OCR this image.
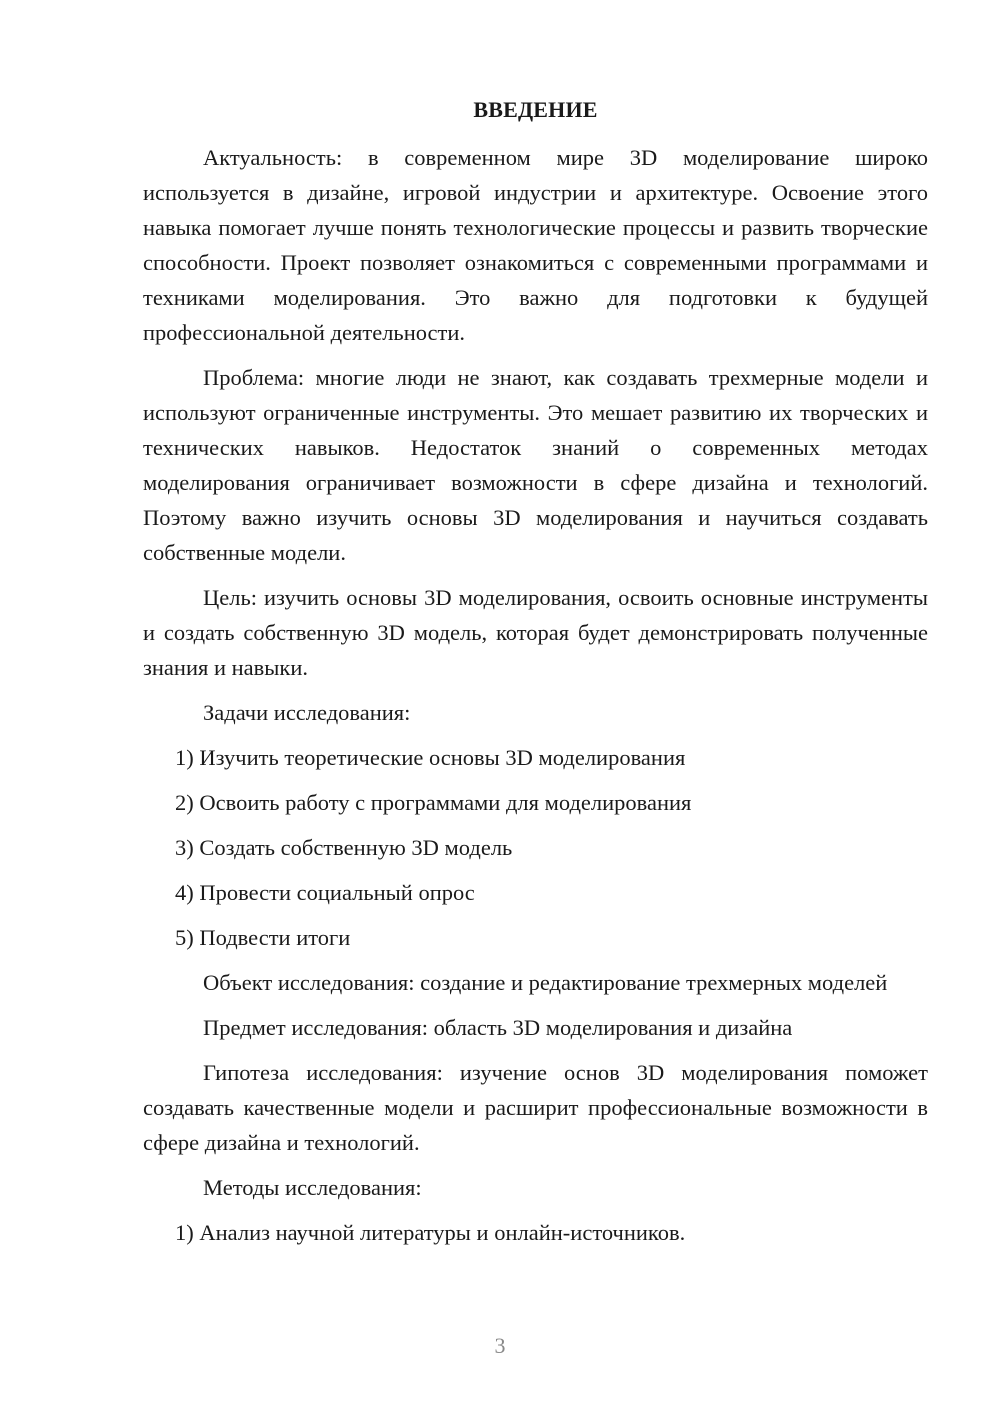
ВВЕДЕНИЕ

Актуальность: в современном мире 3D моделирование широко используется в дизайне, игровой индустрии и архитектуре. Освоение этого навыка помогает лучше понять технологические процессы и развить творческие способности. Проект позволяет ознакомиться с современными программами и техниками моделирования. Это важно для подготовки к будущей профессиональной деятельности.

Проблема: многие люди не знают, как создавать трехмерные модели и используют ограниченные инструменты. Это мешает развитию их творческих и технических навыков. Недостаток знаний о современных методах моделирования ограничивает возможности в сфере дизайна и технологий. Поэтому важно изучить основы 3D моделирования и научиться создавать собственные модели.

Цель: изучить основы 3D моделирования, освоить основные инструменты и создать собственную 3D модель, которая будет демонстрировать полученные знания и навыки.

Задачи исследования:

1) Изучить теоретические основы 3D моделирования

2) Освоить работу с программами для моделирования

3) Создать собственную 3D модель

4) Провести социальный опрос

5) Подвести итоги

Объект исследования: создание и редактирование трехмерных моделей

Предмет исследования: область 3D моделирования и дизайна

Гипотеза исследования: изучение основ 3D моделирования поможет создавать качественные модели и расширит профессиональные возможности в сфере дизайна и технологий.

Методы исследования:

1) Анализ научной литературы и онлайн-источников.

3
